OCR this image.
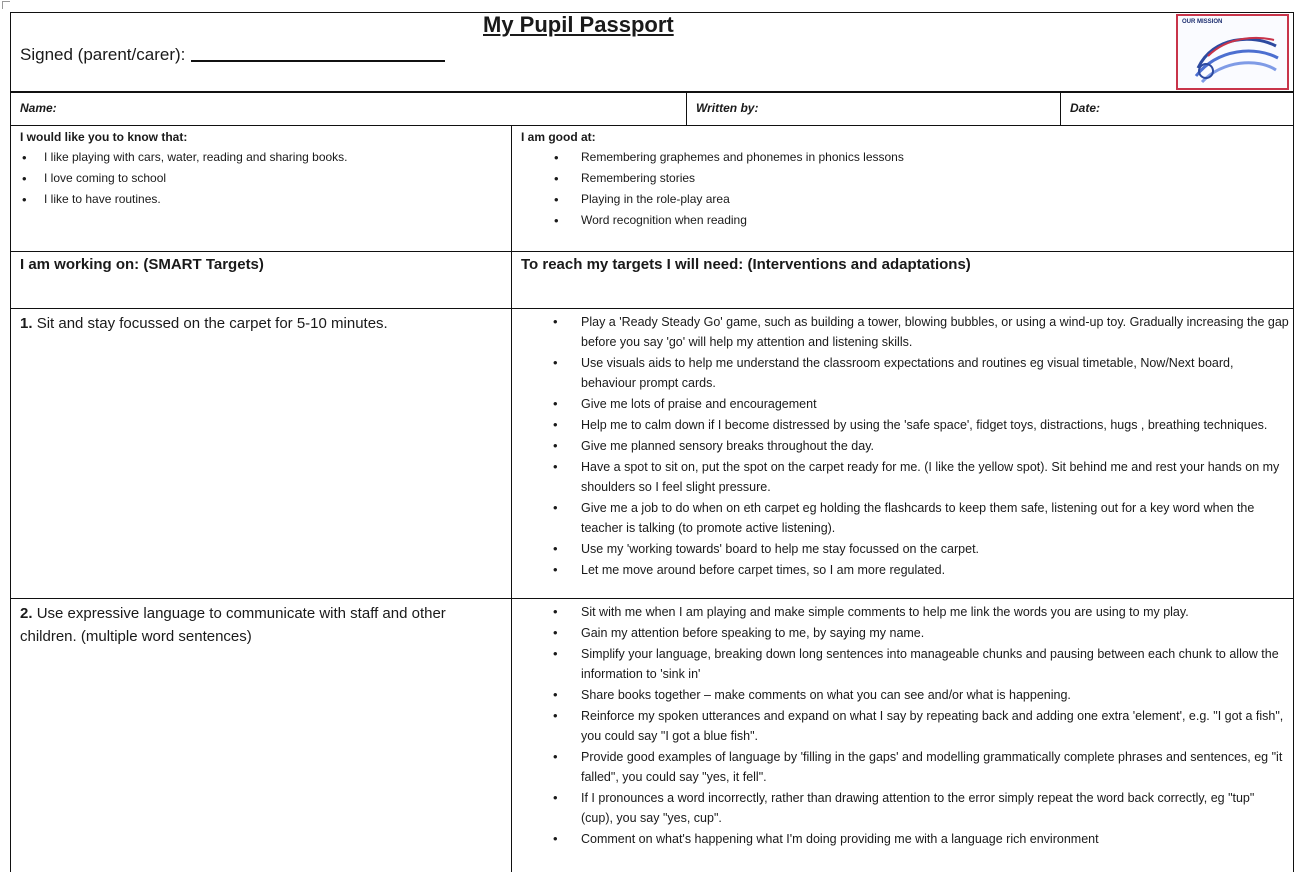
My Pupil Passport
Signed (parent/carer):
OUR MISSION
Name:	Written by:	Date:
I would like you to know that:
• I like playing with cars, water, reading and sharing books.
• I love coming to school
• I like to have routines.
I am good at:
• Remembering graphemes and phonemes in phonics lessons
• Remembering stories
• Playing in the role-play area
• Word recognition when reading
I am working on: (SMART Targets)	To reach my targets I will need: (Interventions and adaptations)
1. Sit and stay focussed on the carpet for 5-10 minutes.
•	Play a 'Ready Steady Go' game, such as building a tower, blowing bubbles, or using a wind-up toy. Gradually increasing the gap before you say 'go' will help my attention and listening skills.
• Use visuals aids to help me understand the classroom expectations and routines eg visual timetable, Now/Next board, behaviour prompt cards.
• Give me lots of praise and encouragement
• Help me to calm down if I become distressed by using the 'safe space', fidget toys, distractions, hugs , breathing techniques.
• Give me planned sensory breaks throughout the day.
• Have a spot to sit on, put the spot on the carpet ready for me. (I like the yellow spot). Sit behind me and rest your hands on my shoulders so I feel slight pressure.
• Give me a job to do when on eth carpet eg holding the flashcards to keep them safe, listening out for a key word when the teacher is talking (to promote active listening).
• Use my 'working towards' board to help me stay focussed on the carpet.
• Let me move around before carpet times, so I am more regulated.
2. Use expressive language to communicate with staff and other children. (multiple word sentences)
• Sit with me when I am playing and make simple comments to help me link the words you are using to my play.
• Gain my attention before speaking to me, by saying my name.
• Simplify your language, breaking down long sentences into manageable chunks and pausing between each chunk to allow the information to 'sink in'
• Share books together – make comments on what you can see and/or what is happening.
• Reinforce my spoken utterances and expand on what I say by repeating back and adding one extra 'element', e.g. "I got a fish", you could say "I got a blue fish".
• Provide good examples of language by 'filling in the gaps' and modelling grammatically complete phrases and sentences, eg "it falled", you could say "yes, it fell".
• If I pronounces a word incorrectly, rather than drawing attention to the error simply repeat the word back correctly, eg "tup" (cup), you say "yes, cup".
• Comment on what's happening what I'm doing providing me with a language rich environment
